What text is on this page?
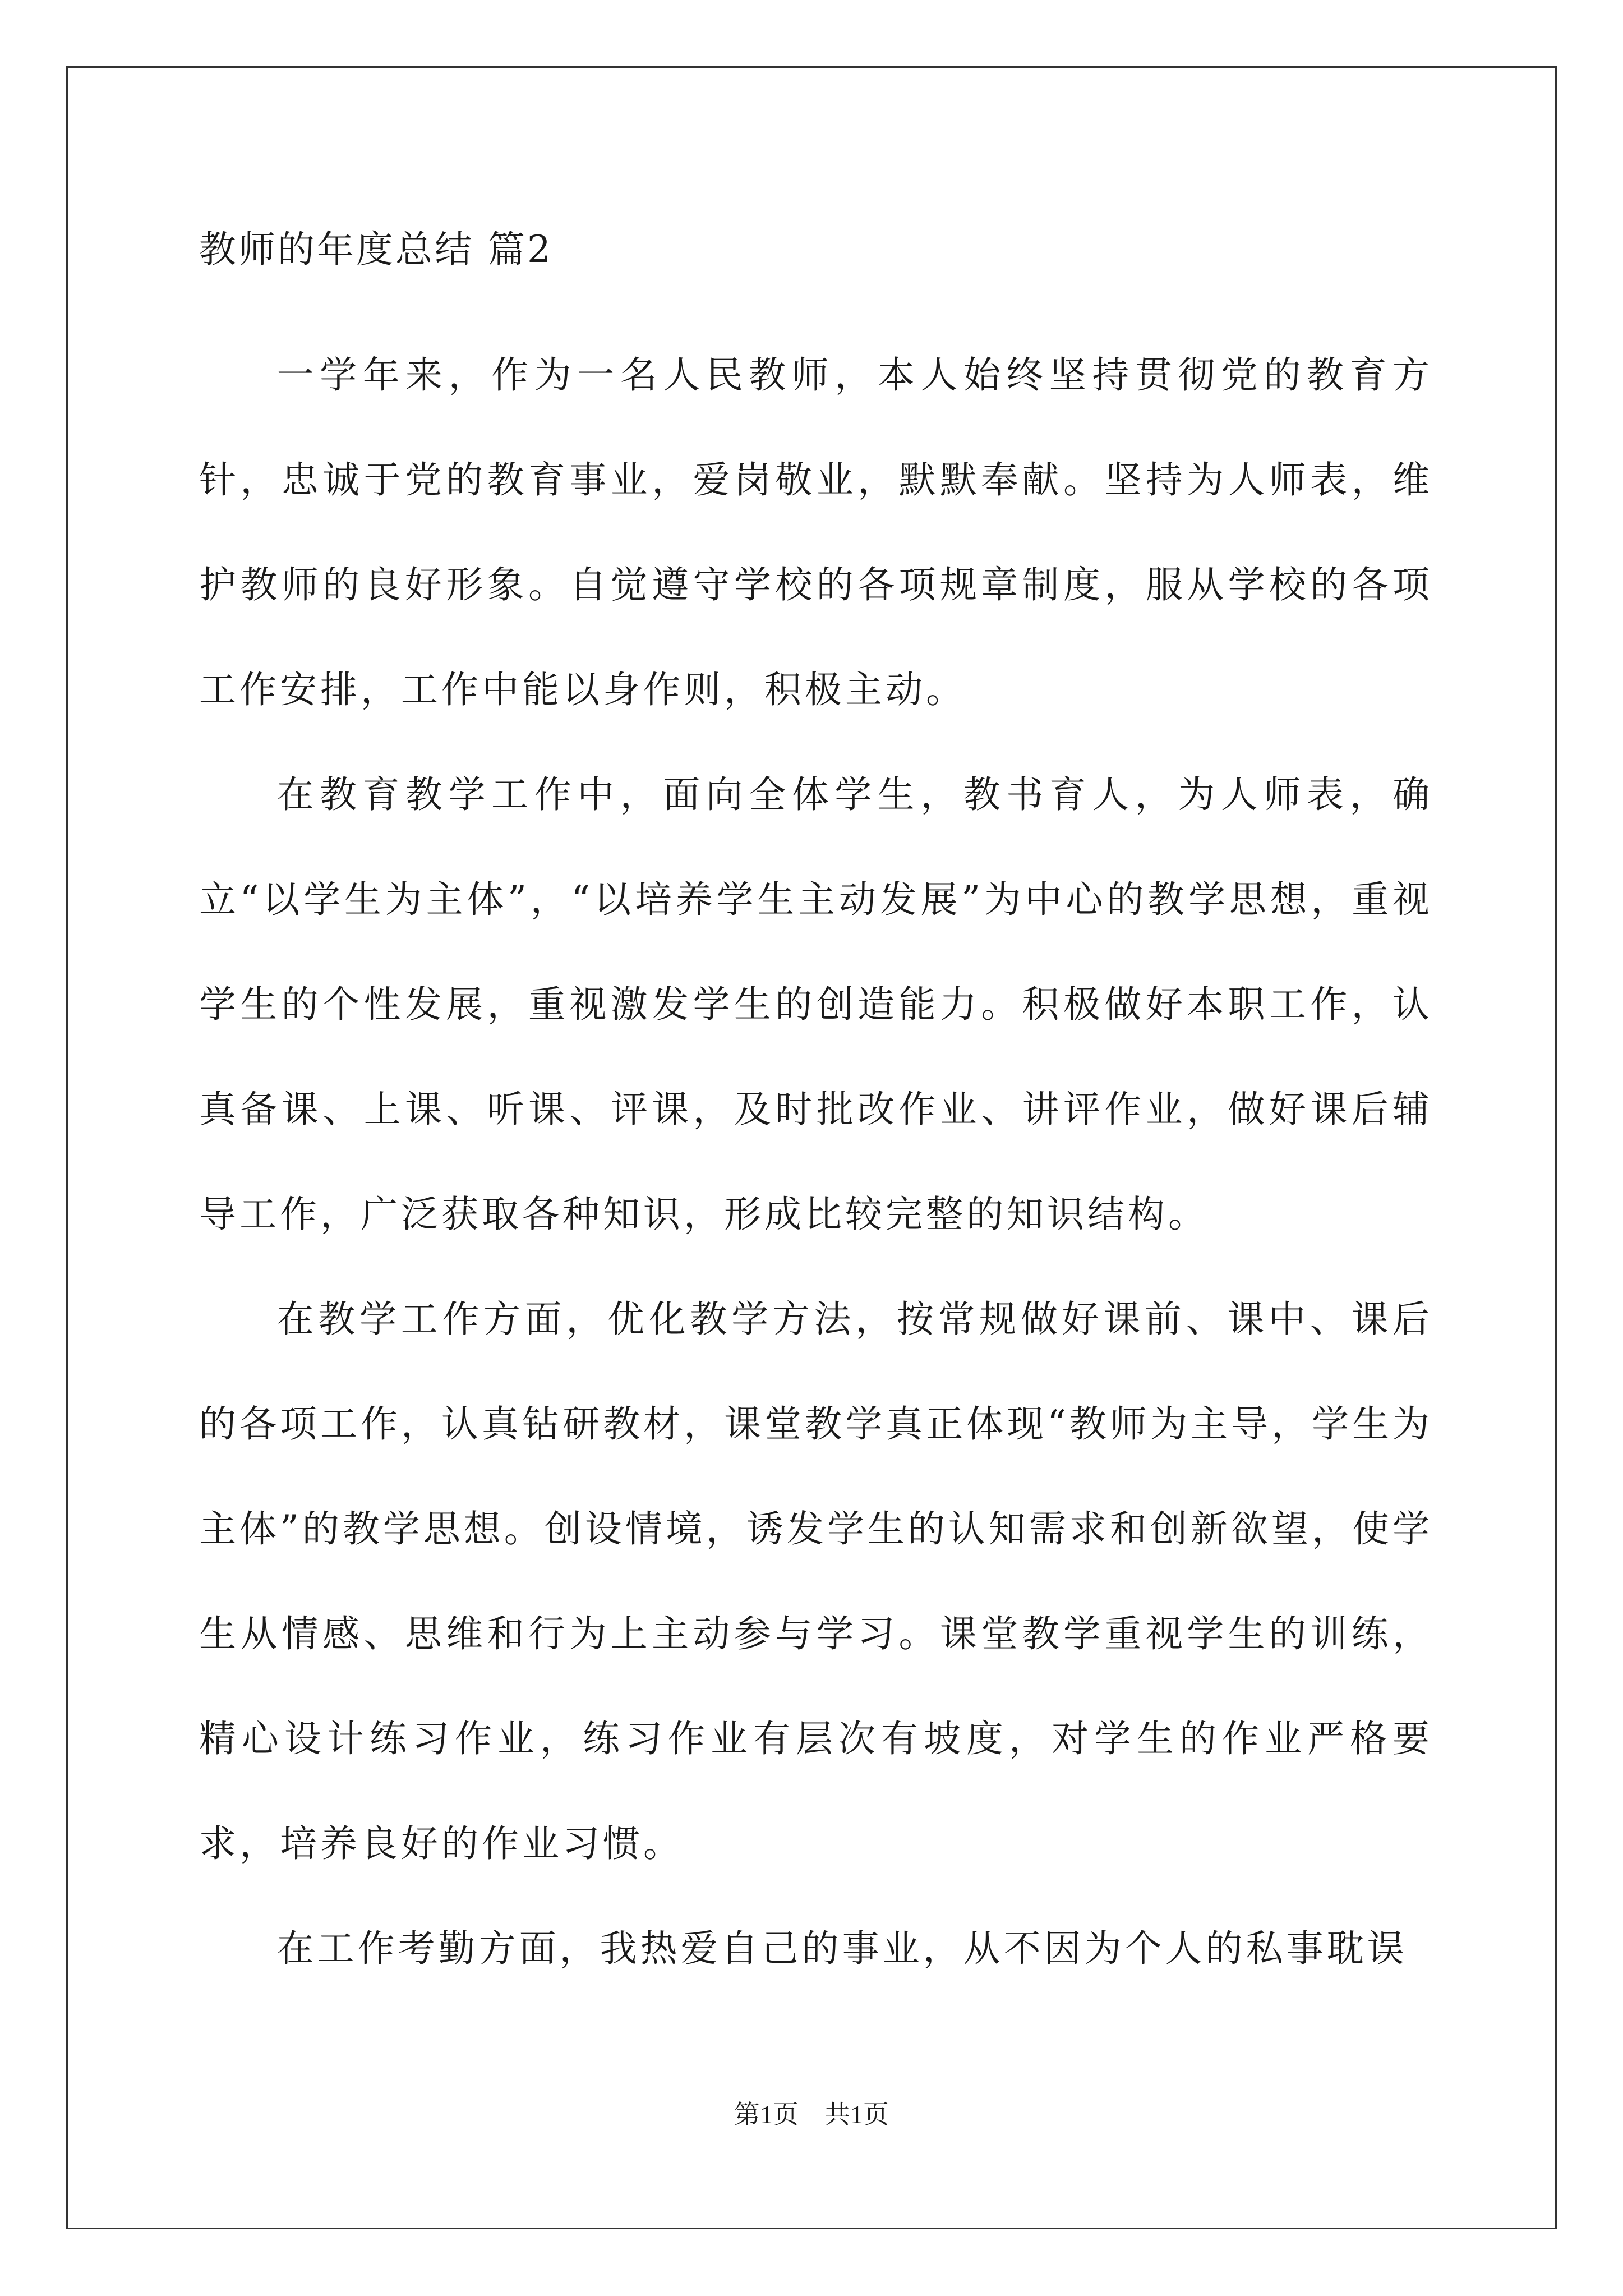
教师的年度总结 篇2

一学年来，作为一名人民教师，本人始终坚持贯彻党的教育方针，忠诚于党的教育事业，爱岗敬业，默默奉献。坚持为人师表，维护教师的良好形象。自觉遵守学校的各项规章制度，服从学校的各项工作安排，工作中能以身作则，积极主动。

在教育教学工作中，面向全体学生，教书育人，为人师表，确立“以学生为主体”，“以培养学生主动发展”为中心的教学思想，重视学生的个性发展，重视激发学生的创造能力。积极做好本职工作，认真备课、上课、听课、评课，及时批改作业、讲评作业，做好课后辅导工作，广泛获取各种知识，形成比较完整的知识结构。

在教学工作方面，优化教学方法，按常规做好课前、课中、课后的各项工作，认真钻研教材，课堂教学真正体现“教师为主导，学生为主体”的教学思想。创设情境，诱发学生的认知需求和创新欲望，使学生从情感、思维和行为上主动参与学习。课堂教学重视学生的训练，精心设计练习作业，练习作业有层次有坡度，对学生的作业严格要求，培养良好的作业习惯。

在工作考勤方面，我热爱自己的事业，从不因为个人的私事耽误

第1页　共1页
